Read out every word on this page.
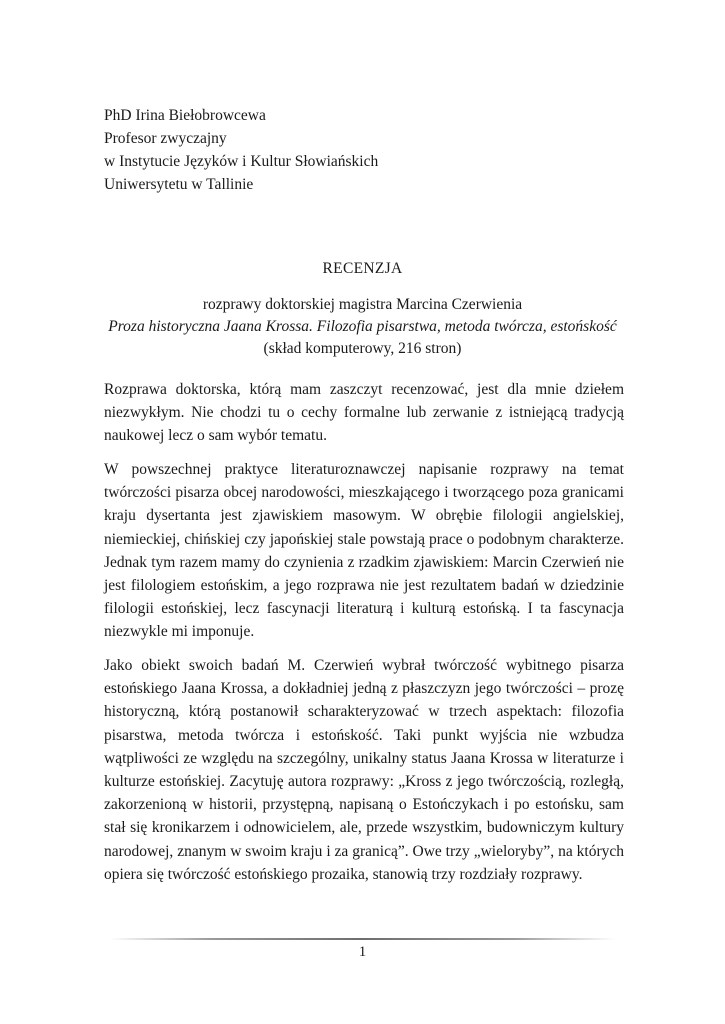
PhD Irina Biełobrowcewa
Profesor zwyczajny
w Instytucie Języków i Kultur Słowiańskich
Uniwersytetu w Tallinie
RECENZJA
rozprawy doktorskiej magistra Marcina Czerwienia
Proza historyczna Jaana Krossa. Filozofia pisarstwa, metoda twórcza, estońskość
(skład komputerowy, 216 stron)

Rozprawa doktorska, którą mam zaszczyt recenzować, jest dla mnie dziełem niezwykłym. Nie chodzi tu o cechy formalne lub zerwanie z istniejącą tradycją naukowej lecz o sam wybór tematu.

W powszechnej praktyce literaturoznawczej napisanie rozprawy na temat twórczości pisarza obcej narodowości, mieszkającego i tworzącego poza granicami kraju dysertanta jest zjawiskiem masowym. W obrębie filologii angielskiej, niemieckiej, chińskiej czy japońskiej stale powstają prace o podobnym charakterze. Jednak tym razem mamy do czynienia z rzadkim zjawiskiem: Marcin Czerwień nie jest filologiem estońskim, a jego rozprawa nie jest rezultatem badań w dziedzinie filologii estońskiej, lecz fascynacji literaturą i kulturą estońską. I ta fascynacja niezwykle mi imponuje.

Jako obiekt swoich badań M. Czerwień wybrał twórczość wybitnego pisarza estońskiego Jaana Krossa, a dokładniej jedną z płaszczyzn jego twórczości – prozę historyczną, którą postanowił scharakteryzować w trzech aspektach: filozofia pisarstwa, metoda twórcza i estońskość. Taki punkt wyjścia nie wzbudza wątpliwości ze względu na szczególny, unikalny status Jaana Krossa w literaturze i kulturze estońskiej. Zacytuję autora rozprawy: „Kross z jego twórczością, rozległą, zakorzenioną w historii, przystępną, napisaną o Estończykach i po estońsku, sam stał się kronikarzem i odnowicielem, ale, przede wszystkim, budowniczym kultury narodowej, znanym w swoim kraju i za granicą”. Owe trzy „wieloryby”, na których opiera się twórczość estońskiego prozaika, stanowią trzy rozdziały rozprawy.

1
